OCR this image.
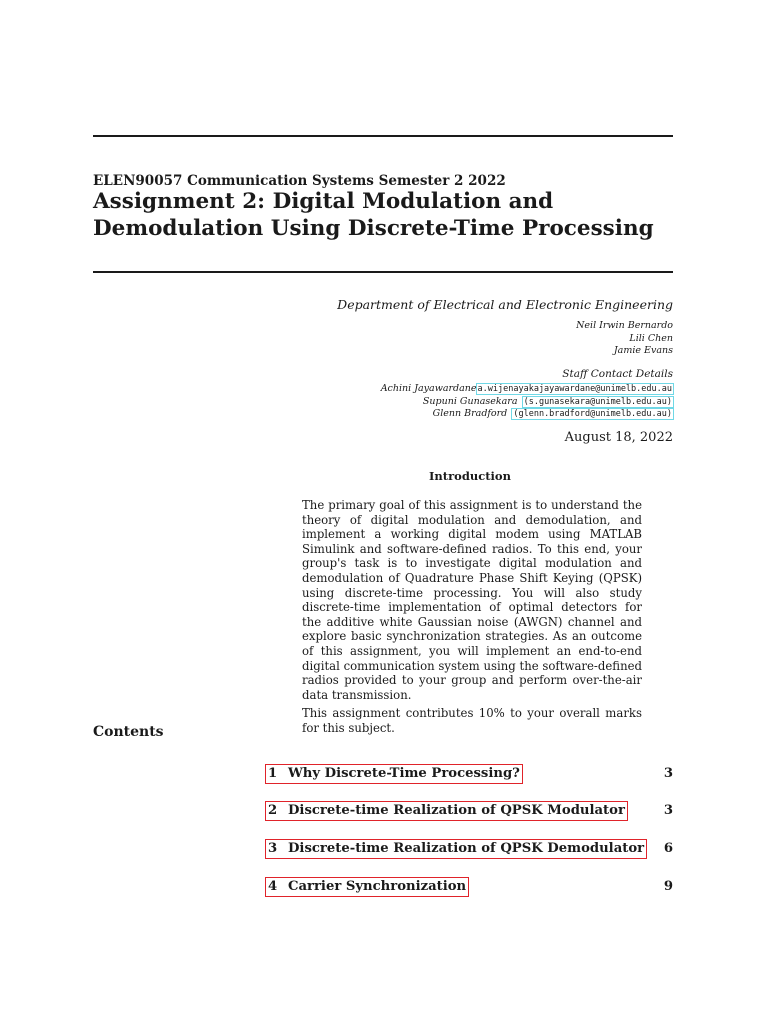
ELEN90057 Communication Systems Semester 2 2022
Assignment 2: Digital Modulation and Demodulation Using Discrete-Time Processing
Department of Electrical and Electronic Engineering
Neil Irwin Bernardo
Lili Chen
Jamie Evans
Staff Contact Details
Achini Jayawardanea.wijenayakajayawardane@unimelb.edu.au
Supuni Gunasekara (s.gunasekara@unimelb.edu.au)
Glenn Bradford (glenn.bradford@unimelb.edu.au)
August 18, 2022
Introduction

The primary goal of this assignment is to understand the theory of digital modulation and demodulation, and implement a working digital modem using MATLAB Simulink and software-defined radios. To this end, your group's task is to investigate digital modulation and demodulation of Quadrature Phase Shift Keying (QPSK) using discrete-time processing. You will also study discrete-time implementation of optimal detectors for the additive white Gaussian noise (AWGN) channel and explore basic synchronization strategies. As an outcome of this assignment, you will implement an end-to-end digital communication system using the software-defined radios provided to your group and perform over-the-air data transmission.

This assignment contributes 10% to your overall marks for this subject.

Contents
1 Why Discrete-Time Processing?	3
2 Discrete-time Realization of QPSK Modulator	3
3 Discrete-time Realization of QPSK Demodulator 6
4 Carrier Synchronization	9
